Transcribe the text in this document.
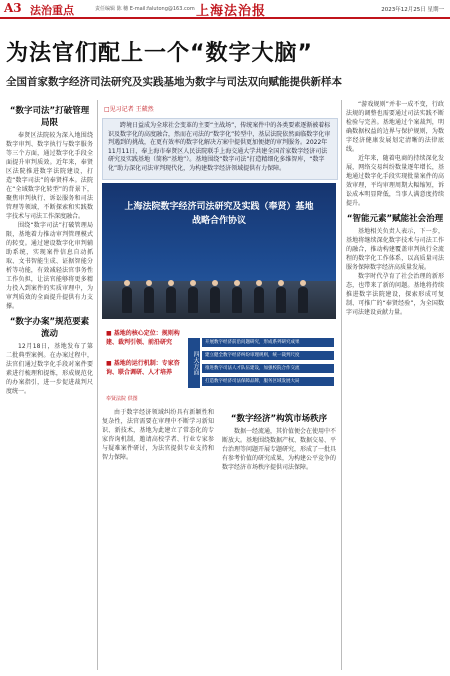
A3 法治重点	责任编辑 陈 穗 E-mail:falutong@163.com 上海法治报	2023年12月25日 星期一
为法官们配上一个“数字大脑”
全国首家数字经济司法研究及实践基地为数字与司法双向赋能提供新样本
“数字司法”打破管理局限

奉贤区法院较为深入地围绕数字审判、数字执行与数字服务等三个方面，通过数字化手段全面提升审判质效。近年来，奉贤区法院推进数字法院建设，打造“数字司法”的奉贤样本。法院在“全域数字化转型”的背景下，聚焦审判执行、诉讼服务和司法管理等领域，不断探索和实践数字技术与司法工作深度融合。

围绕“数字司法”打破管理局限，基地着力推动审判管理模式的转变。通过建设数字化审判辅助系统，实现案件信息自动抓取、文书智能生成、证据智能分析等功能，有效减轻法官事务性工作负担，让法官能够将更多精力投入到案件的实质审理中，为审判质效的全面提升提供有力支撑。

“数字办案”规范要素流动

12月18日，基地发布了第二批典型案例。在办案过程中，法官们通过数字化手段对案件要素进行梳理和提炼，形成规范化的办案指引，进一步促进裁判尺度统一。

□见习记者 王葳然

跨境日益成为全球社会变革的主要“主战场”，传统案件中的各类要素逐渐被着标识及数字化的高度融合，然而在司法的“数字化”转型中，基层法院依然面临数字化审判遇到的挑战，在更有效率的数字化解决方案中提供更加便捷的审判服务。2022年11月11日，奉上海市奉贤区人民法院联手上海交通大学共建全国首家数字经济司法研究及实践基地（简称“基地”）。基地围绕“数字司法”打造精细化多维智库，“数字化”助力深化司法审判现代化，为构建数字经济领域提供有力保障。

上海法院数字经济司法研究及实践（奉贤）基地
战略合作协议
■ 基地的核心定位：规则构建、裁判引领、前沿研究
■ 基地的运行机制：专家咨询、联合调研、人才培养	四大方面
开展数字经济前沿问题研究，形成系列研究成果
建立健全数字经济纠纷审理规则，统一裁判尺度
推进数字司法人才队伍建设，加强校院合作交流
打造数字经济司法保障品牌，服务区域发展大局
奉贤法院 供图

由于数字经济领域纠纷具有新颖性和复杂性，法官需要在审理中不断学习新知识、新技术，基地为此建立了常态化的专家咨询机制，邀请高校学者、行业专家参与疑难案件研讨，为法官提供专业支持和智力保障。

“数字经济”构筑市场秩序

数据一经流通，其价值便会在使用中不断放大。基地围绕数据产权、数据交易、平台治理等问题开展专题研究，形成了一批具有参考价值的研究成果，为构建公平竞争的数字经济市场秩序提供司法保障。

“游戏规则”并非一成不变，行政法规的调整也需要通过司法实践不断检验与完善。基地通过个案裁判，明确数据权益的边界与保护规则，为数字经济健康发展划定清晰的法律底线。

近年来，随着电商的持续深化发展，网络交易纠纷数量逐年增长，基地通过数字化手段实现批量案件的高效审理，平均审理周期大幅缩短，诉讼成本明显降低，当事人满意度持续提升。

“智能元素”赋能社会治理

基地相关负责人表示，下一步，基地将继续深化数字技术与司法工作的融合，推动构建覆盖审判执行全流程的数字化工作体系，以高质量司法服务保障数字经济高质量发展。

数字时代孕育了社会治理的新形态，也带来了新的问题。基地将持续推进数字法院建设，探索形成可复制、可推广的“奉贤经验”，为全国数字司法建设贡献力量。
